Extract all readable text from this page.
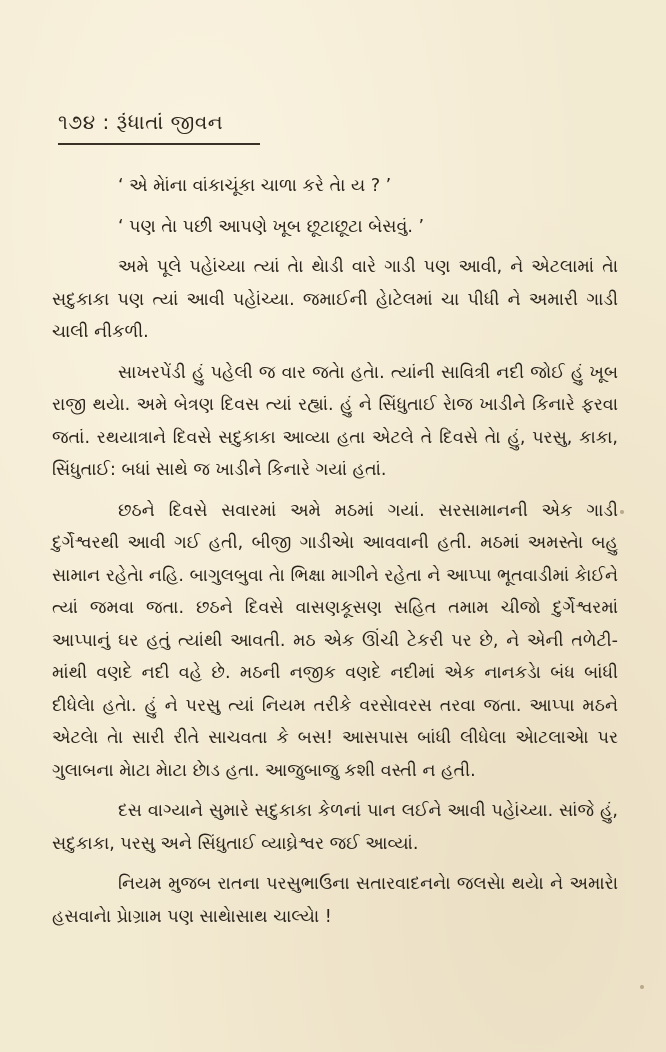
૧૭૪ : રૂંધાતાં જીવન

‘ એ મેાંના વાંકાચૂંકા ચાળા કરે તેા ય ? ’

‘ પણ તેા પછી આપણે ખૂબ છૂટાછૂટા બેસવું. ’

અમે પૂલે પહેાંચ્યા ત્યાં તેા થેાડી વારે ગાડી પણ આવી, ને એટલામાં તેા સદુકાકા પણ ત્યાં આવી પહેાંચ્યા. જમાઈની હેાટેલમાં ચા પીધી ને અમારી ગાડી ચાલી નીકળી.

સાખરપેંડી હું પહેલી જ વાર જતેા હતેા. ત્યાંની સાવિત્રી નદી જોઈ હું ખૂબ રાજી થયેા. અમે બેત્રણ દિવસ ત્યાં રહ્યાં. હું ને સિંધુતાઈ રેાજ ખાડીને કિનારે ફરવા જતાં. રથયાત્રાને દિવસે સદુકાકા આવ્યા હતા એટલે તે દિવસે તેા હું, પરસુ, કાકા, સિંધુતાઈ: બધાં સાથે જ ખાડીને કિનારે ગયાં હતાં.

છઠને દિવસે સવારમાં અમે મઠમાં ગયાં. સરસામાનની એક ગાડી દુર્ગેશ્વરથી આવી ગઈ હતી, બીજી ગાડીએા આવવાની હતી. મઠમાં અમસ્તેા બહુ સામાન રહેતેા નહિ. બાગુલબુવા તેા ભિક્ષા માગીને રહેતા ને આપ્પા ભૂતવાડીમાં કેાઈને ત્યાં જમવા જતા. છઠને દિવસે વાસણકૂસણ સહિત તમામ ચીજો દુર્ગેશ્વરમાં આપ્પાનું ઘર હતું ત્યાંથી આવતી. મઠ એક ઊંચી ટેકરી પર છે, ને એની તળેટી-માંથી વણદે નદી વહે છે. મઠની નજીક વણદે નદીમાં એક નાનકડેા બંધ બાંધી દીધેલેા હતેા. હું ને પરસુ ત્યાં નિયમ તરીકે વરસેાવરસ તરવા જતા. આપ્પા મઠને એટલેા તેા સારી રીતે સાચવતા કે બસ! આસપાસ બાંધી લીધેલા એાટલાએા પર ગુલાબના મેાટા મેાટા છેાડ હતા. આજુબાજુ કશી વસ્તી ન હતી.

દસ વાગ્યાને સુમારે સદુકાકા કેળનાં પાન લઈને આવી પહેાંચ્યા. સાંજે હું, સદુકાકા, પરસુ અને સિંધુતાઈ વ્યાઘ્રેશ્વર જઈ આવ્યાં.

નિયમ મુજબ રાતના પરસુભાઉના સતારવાદનનેા જલસેા થયેા ને અમારેા હસવાનેા પ્રેાગ્રામ પણ સાથેાસાથ ચાલ્યેા !
